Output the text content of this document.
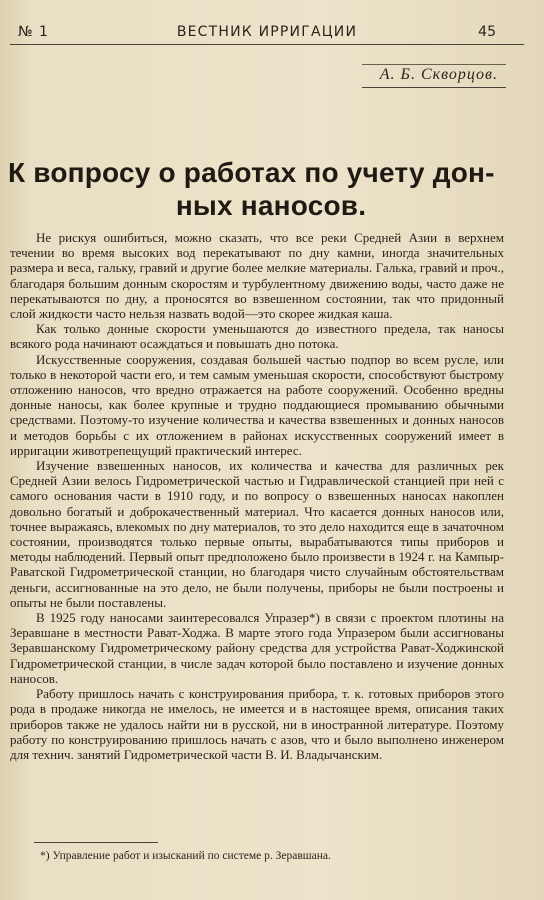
№ 1	ВЕСТНИК ИРРИГАЦИИ	45
А. Б. Скворцов.
К вопросу о работах по учету дон-
ных наносов.

Не рискуя ошибиться, можно сказать, что все реки Средней Азии в верхнем течении во время высоких вод перекатывают по дну камни, иногда значительных размера и веса, гальку, гравий и другие более мелкие материалы. Галька, гравий и проч., благодаря большим донным скоростям и турбулентному движению воды, часто даже не перекатываются по дну, а проносятся во взвешенном состоянии, так что придонный слой жидкости часто нельзя назвать водой—это скорее жидкая каша.

Как только донные скорости уменьшаются до известного предела, так наносы всякого рода начинают осаждаться и повышать дно потока.

Искусственные сооружения, создавая большей частью подпор во всем русле, или только в некоторой части его, и тем самым уменьшая скорости, способствуют быстрому отложению наносов, что вредно отражается на работе сооружений. Особенно вредны донные наносы, как более крупные и трудно поддающиеся промыванию обычными средствами. Поэтому-то изучение количества и качества взвешенных и донных наносов и методов борьбы с их отложением в районах искусственных сооружений имеет в ирригации животрепещущий практический интерес.

Изучение взвешенных наносов, их количества и качества для различных рек Средней Азии велось Гидрометрической частью и Гидравлической станцией при ней с самого основания части в 1910 году, и по вопросу о взвешенных наносах накоплен довольно богатый и доброкачественный материал. Что касается донных наносов или, точнее выражаясь, влекомых по дну материалов, то это дело находится еще в зачаточном состоянии, производятся только первые опыты, вырабатываются типы приборов и методы наблюдений. Первый опыт предположено было произвести в 1924 г. на Кампыр-Раватской Гидрометрической станции, но благодаря чисто случайным обстоятельствам деньги, ассигнованные на это дело, не были получены, приборы не были построены и опыты не были поставлены.

В 1925 году наносами заинтересовался Упразер*) в связи с проектом плотины на Зеравшане в местности Рават-Ходжа. В марте этого года Упразером были ассигнованы Зеравшанскому Гидрометрическому району средства для устройства Рават-Ходжинской Гидрометрической станции, в числе задач которой было поставлено и изучение донных наносов.

Работу пришлось начать с конструирования прибора, т. к. готовых приборов этого рода в продаже никогда не имелось, не имеется и в настоящее время, описания таких приборов также не удалось найти ни в русской, ни в иностранной литературе. Поэтому работу по конструированию пришлось начать с азов, что и было выполнено инженером для технич. занятий Гидрометрической части В. И. Владычанским.

*) Управление работ и изысканий по системе р. Зеравшана.
